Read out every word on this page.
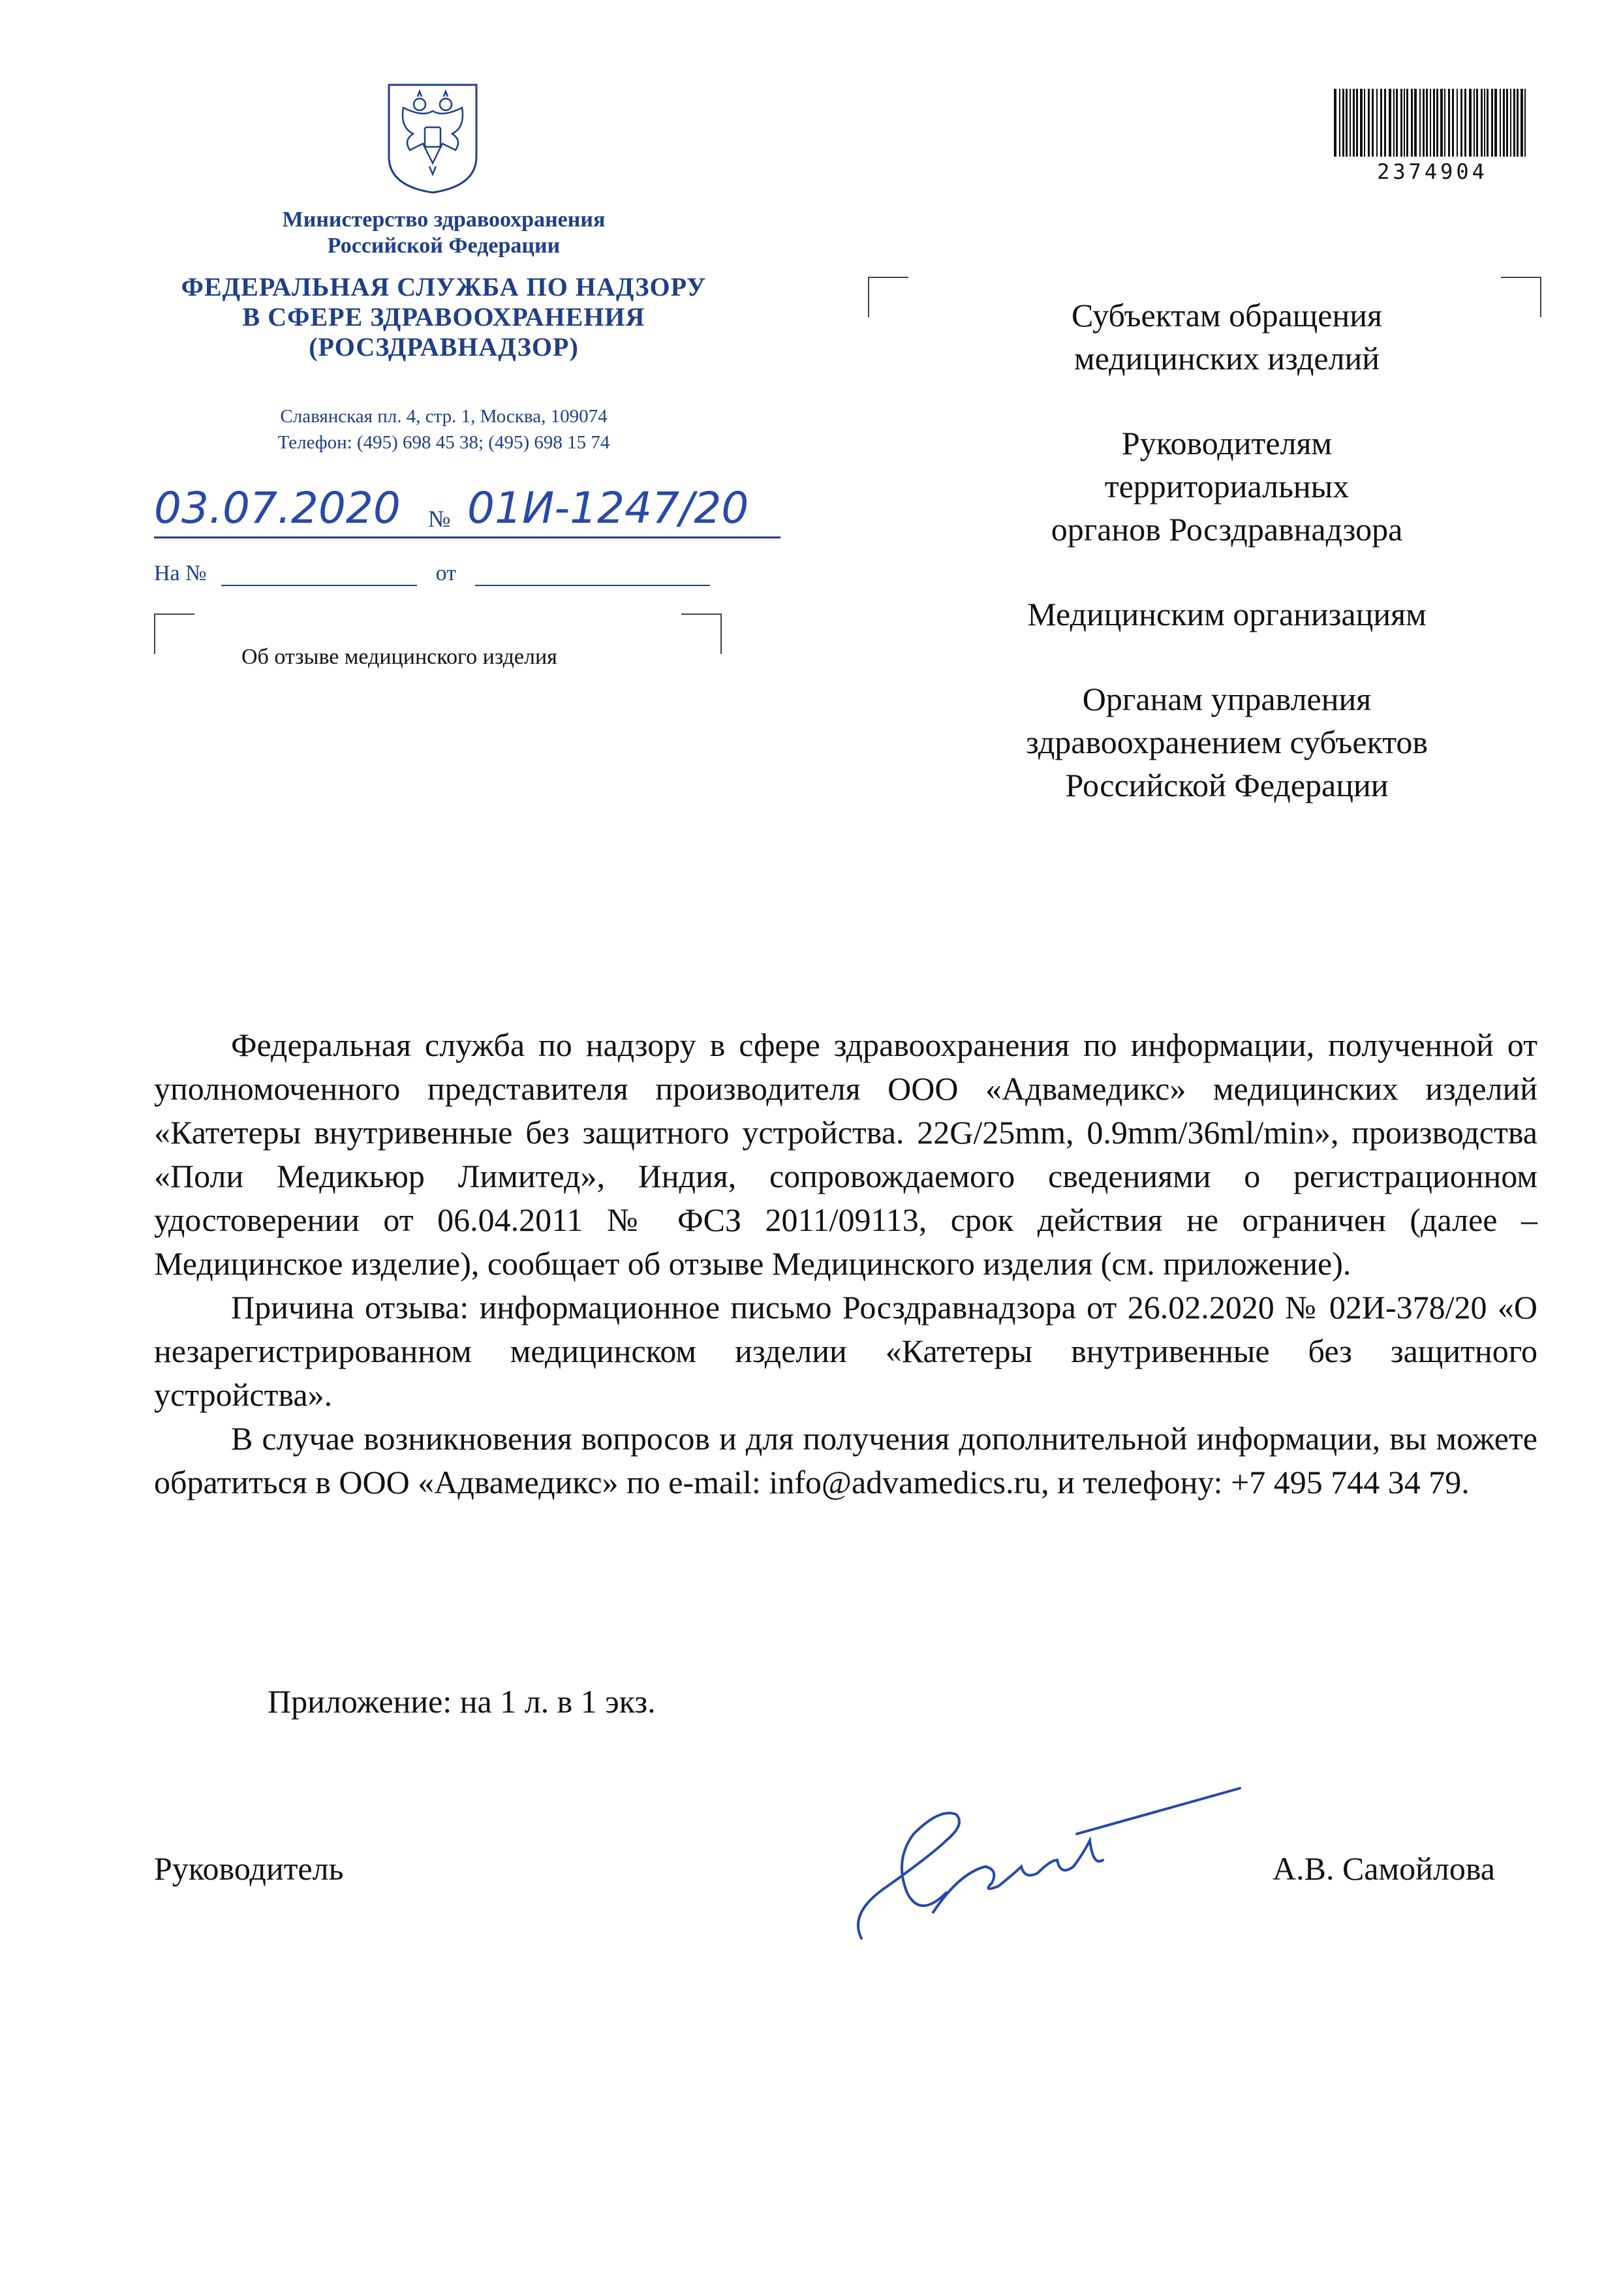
Министерство здравоохранения
Российской Федерации
ФЕДЕРАЛЬНАЯ СЛУЖБА ПО НАДЗОРУ
В СФЕРЕ ЗДРАВООХРАНЕНИЯ
(РОСЗДРАВНАДЗОР)
Славянская пл. 4, стр. 1, Москва, 109074
Телефон: (495) 698 45 38; (495) 698 15 74
03.07.2020 № 01И-1247/20
На №	от
Об отзыве медицинского изделия
2374904
Субъектам обращения
медицинских изделий
Руководителям
территориальных
органов Росздравнадзора
Медицинским организациям
Органам управления
здравоохранением субъектов
Российской Федерации

Федеральная служба по надзору в сфере здравоохранения по информации, полученной от уполномоченного представителя производителя ООО «Адвамедикс» медицинских изделий «Катетеры внутривенные без защитного устройства. 22G/25mm, 0.9mm/36ml/min», производства «Поли Медикьюр Лимитед», Индия, сопровождаемого сведениями о регистрационном удостоверении от 06.04.2011 № ФСЗ 2011/09113, срок действия не ограничен (далее – Медицинское изделие), сообщает об отзыве Медицинского изделия (см. приложение).

Причина отзыва: информационное письмо Росздравнадзора от 26.02.2020 № 02И-378/20 «О незарегистрированном медицинском изделии «Катетеры внутривенные без защитного устройства».

В случае возникновения вопросов и для получения дополнительной информации, вы можете обратиться в ООО «Адвамедикс» по e-mail: info@advamedics.ru, и телефону: +7 495 744 34 79.

Приложение: на 1 л. в 1 экз.
Руководитель	А.В. Самойлова
